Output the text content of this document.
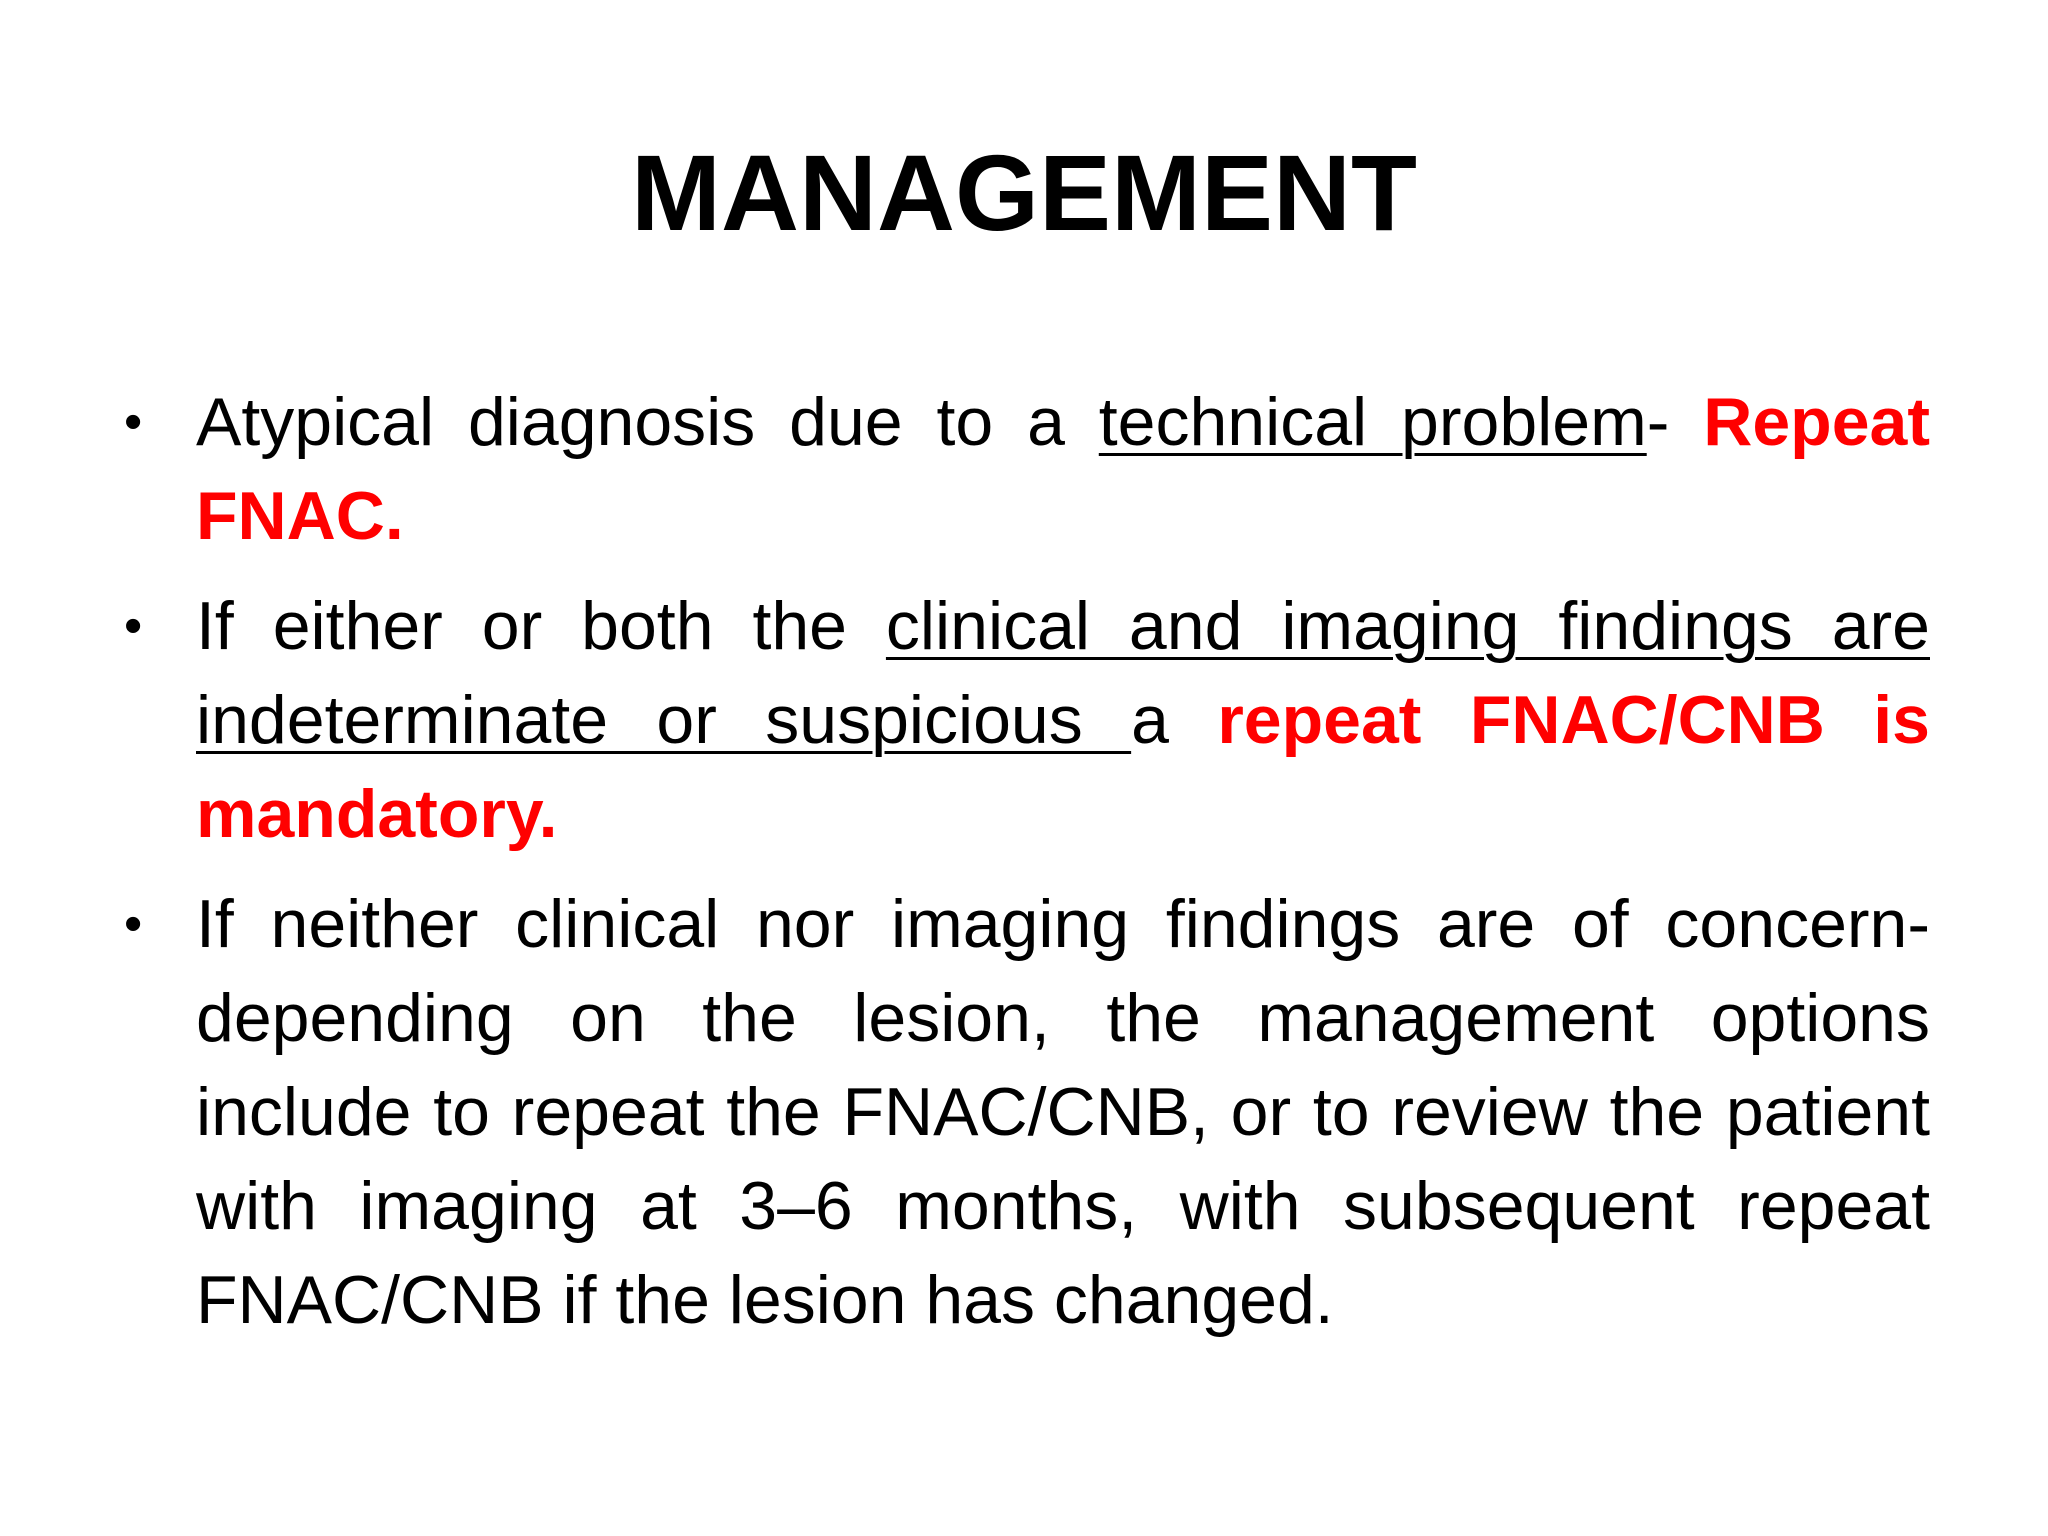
MANAGEMENT
• Atypical diagnosis due to a technical problem- Repeat FNAC.
• If either or both the clinical and imaging findings are indeterminate or suspicious a repeat FNAC/CNB is mandatory.
• If neither clinical nor imaging findings are of concern-depending on the lesion, the management options include to repeat the FNAC/CNB, or to review the patient with imaging at 3–6 months, with subsequent repeat FNAC/CNB if the lesion has changed.
